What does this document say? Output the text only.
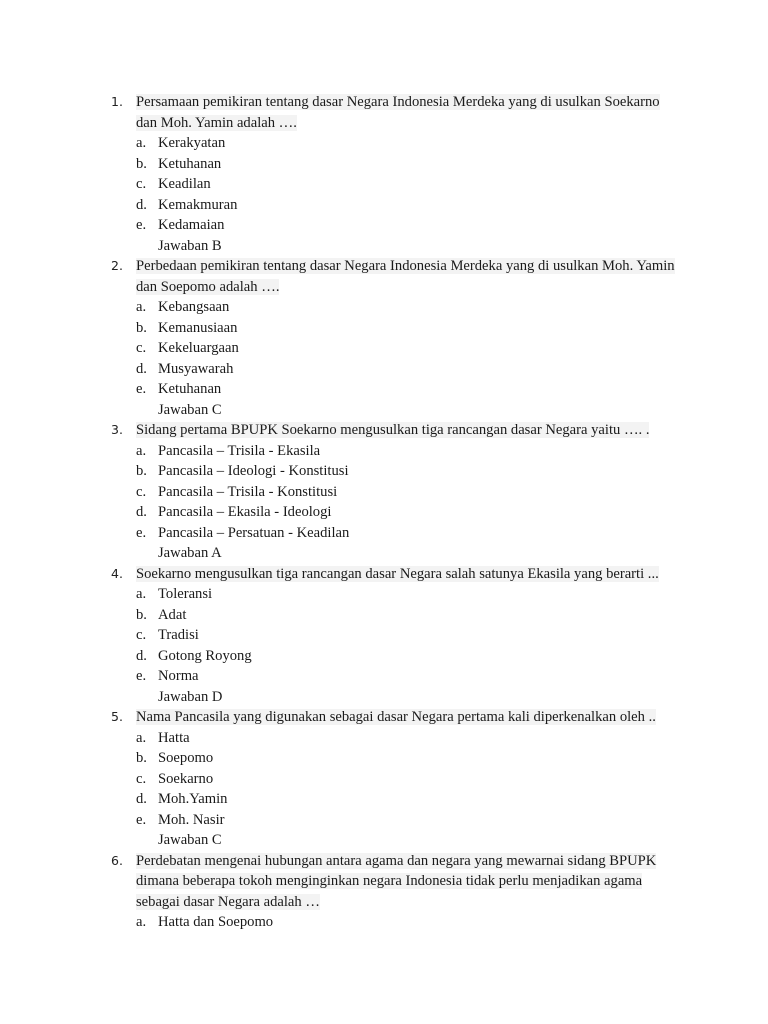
1. Persamaan pemikiran tentang dasar Negara Indonesia Merdeka yang di usulkan Soekarno dan Moh. Yamin adalah ….
a. Kerakyatan
b. Ketuhanan
c. Keadilan
d. Kemakmuran
e. Kedamaian
Jawaban B
2. Perbedaan pemikiran tentang dasar Negara Indonesia Merdeka yang di usulkan Moh. Yamin dan Soepomo adalah ….
a. Kebangsaan
b. Kemanusiaan
c. Kekeluargaan
d. Musyawarah
e. Ketuhanan
Jawaban C
3. Sidang pertama BPUPK Soekarno mengusulkan tiga rancangan dasar Negara yaitu …. .
a. Pancasila – Trisila - Ekasila
b. Pancasila – Ideologi - Konstitusi
c. Pancasila – Trisila - Konstitusi
d. Pancasila – Ekasila - Ideologi
e. Pancasila – Persatuan - Keadilan
Jawaban A
4. Soekarno mengusulkan tiga rancangan dasar Negara salah satunya Ekasila yang berarti ...
a. Toleransi
b. Adat
c. Tradisi
d. Gotong Royong
e. Norma
Jawaban D
5. Nama Pancasila yang digunakan sebagai dasar Negara pertama kali diperkenalkan oleh ..
a. Hatta
b. Soepomo
c. Soekarno
d. Moh.Yamin
e. Moh. Nasir
Jawaban C
6. Perdebatan mengenai hubungan antara agama dan negara yang mewarnai sidang BPUPK dimana beberapa tokoh menginginkan negara Indonesia tidak perlu menjadikan agama sebagai dasar Negara adalah …
a. Hatta dan Soepomo
